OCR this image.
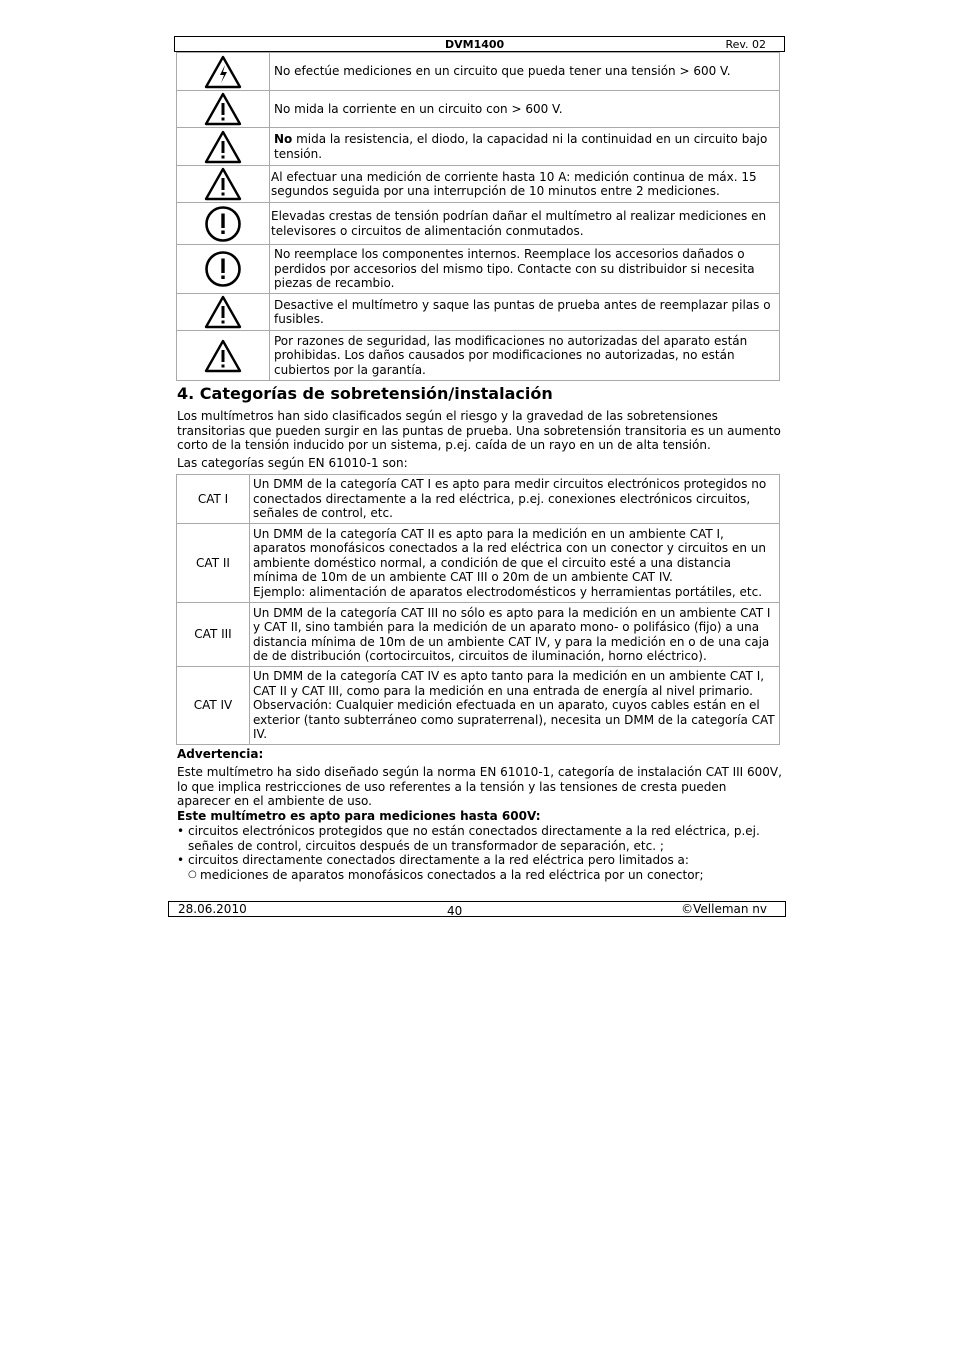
DVM1400	Rev. 02
	No efectúe mediciones en un circuito que pueda tener una tensión > 600 V.

	No mida la corriente en un circuito con > 600 V.

	No mida la resistencia, el diodo, la capacidad ni la continuidad en un circuito bajo tensión.

	Al efectuar una medición de corriente hasta 10 A: medición continua de máx. 15 segundos seguida por una interrupción de 10 minutos entre 2 mediciones.

	Elevadas crestas de tensión podrían dañar el multímetro al realizar mediciones en televisores o circuitos de alimentación conmutados.

	No reemplace los componentes internos. Reemplace los accesorios dañados o perdidos por accesorios del mismo tipo. Contacte con su distribuidor si necesita piezas de recambio.

	Desactive el multímetro y saque las puntas de prueba antes de reemplazar pilas o fusibles.

	Por razones de seguridad, las modificaciones no autorizadas del aparato están prohibidas. Los daños causados por modificaciones no autorizadas, no están cubiertos por la garantía.
4. Categorías de sobretensión/instalación

Los multímetros han sido clasificados según el riesgo y la gravedad de las sobretensiones transitorias que pueden surgir en las puntas de prueba. Una sobretensión transitoria es un aumento corto de la tensión inducido por un sistema, p.ej. caída de un rayo en un de alta tensión.

Las categorías según EN 61010-1 son:

CAT I	Un DMM de la categoría CAT I es apto para medir circuitos electrónicos protegidos no conectados directamente a la red eléctrica, p.ej. conexiones electrónicos circuitos, señales de control, etc.
CAT II	Un DMM de la categoría CAT II es apto para la medición en un ambiente CAT I, aparatos monofásicos conectados a la red eléctrica con un conector y circuitos en un ambiente doméstico normal, a condición de que el circuito esté a una distancia mínima de 10m de un ambiente CAT III o 20m de un ambiente CAT IV.
Ejemplo: alimentación de aparatos electrodomésticos y herramientas portátiles, etc.
CAT III	Un DMM de la categoría CAT III no sólo es apto para la medición en un ambiente CAT I y CAT II, sino también para la medición de un aparato mono- o polifásico (fijo) a una distancia mínima de 10m de un ambiente CAT IV, y para la medición en o de una caja de de distribución (cortocircuitos, circuitos de iluminación, horno eléctrico).
CAT IV	Un DMM de la categoría CAT IV es apto tanto para la medición en un ambiente CAT I, CAT II y CAT III, como para la medición en una entrada de energía al nivel primario.
Observación: Cualquier medición efectuada en un aparato, cuyos cables están en el exterior (tanto subterráneo como supraterrenal), necesita un DMM de la categoría CAT IV.

Advertencia:

Este multímetro ha sido diseñado según la norma EN 61010-1, categoría de instalación CAT III 600V, lo que implica restricciones de uso referentes a la tensión y las tensiones de cresta pueden aparecer en el ambiente de uso.

Este multímetro es apto para mediciones hasta 600V:

• circuitos electrónicos protegidos que no están conectados directamente a la red eléctrica, p.ej. señales de control, circuitos después de un transformador de separación, etc. ;
• circuitos directamente conectados directamente a la red eléctrica pero limitados a:
○ mediciones de aparatos monofásicos conectados a la red eléctrica por un conector;
28.06.2010	40	©Velleman nv
